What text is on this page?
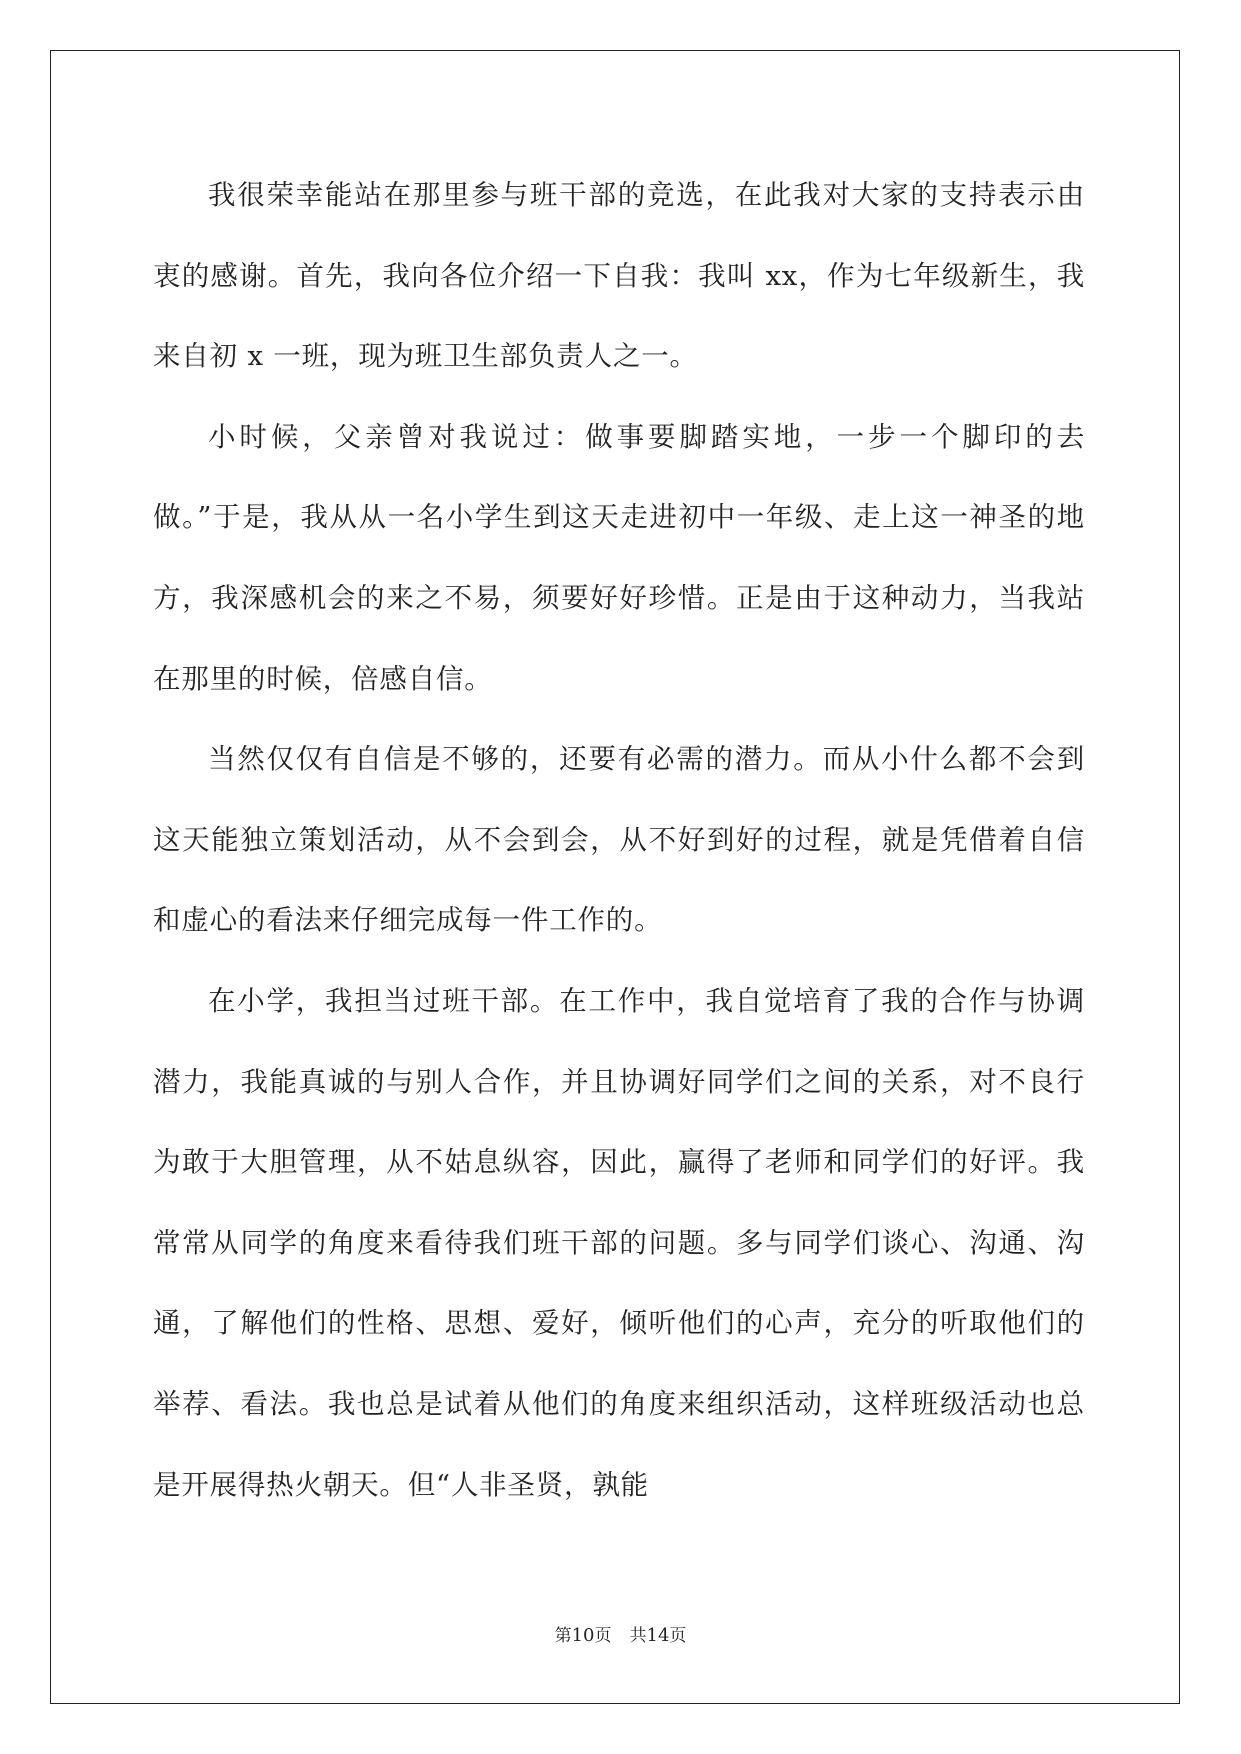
我很荣幸能站在那里参与班干部的竞选，在此我对大家的支持表示由衷的感谢。首先，我向各位介绍一下自我：我叫 xx，作为七年级新生，我来自初 x 一班，现为班卫生部负责人之一。

小时候，父亲曾对我说过：做事要脚踏实地，一步一个脚印的去做。”于是，我从从一名小学生到这天走进初中一年级、走上这一神圣的地方，我深感机会的来之不易，须要好好珍惜。正是由于这种动力，当我站在那里的时候，倍感自信。

当然仅仅有自信是不够的，还要有必需的潜力。而从小什么都不会到这天能独立策划活动，从不会到会，从不好到好的过程，就是凭借着自信和虚心的看法来仔细完成每一件工作的。

在小学，我担当过班干部。在工作中，我自觉培育了我的合作与协调潜力，我能真诚的与别人合作，并且协调好同学们之间的关系，对不良行为敢于大胆管理，从不姑息纵容，因此，赢得了老师和同学们的好评。我常常从同学的角度来看待我们班干部的问题。多与同学们谈心、沟通、沟通，了解他们的性格、思想、爱好，倾听他们的心声，充分的听取他们的举荐、看法。我也总是试着从他们的角度来组织活动，这样班级活动也总是开展得热火朝天。但“人非圣贤，孰能

第10页 共14页
